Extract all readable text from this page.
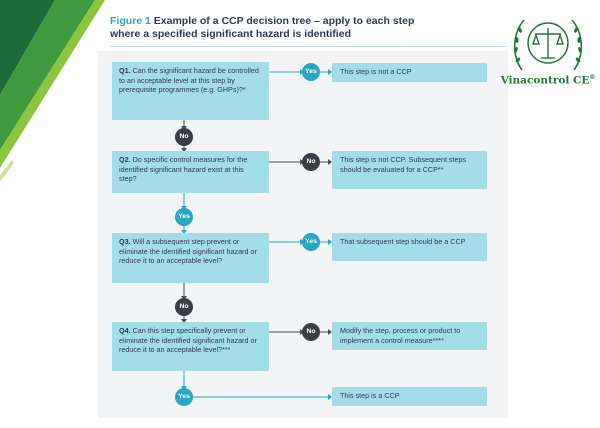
Figure 1 Example of a CCP decision tree – apply to each step
where a specified significant hazard is identified
Vinacontrol CE®
Q1. Can the significant hazard be controlled to an acceptable level at this step by prerequisite programmes (e.g. GHPs)?*
Q2. Do specific control measures for the identified significant hazard exist at this step?
Q3. Will a subsequent step prevent or eliminate the identified significant hazard or reduce it to an acceptable level?
Q4. Can this step specifically prevent or eliminate the identified significant hazard or reduce it to an acceptable level?***
This step is not a CCP
This step is not CCP. Subsequent steps should be evaluated for a CCP**
That subsequent step should be a CCP
Modify the step, process or product to implement a control measure****
This step is a CCP
Yes
No
No
Yes
Yes
No
No
Yes
